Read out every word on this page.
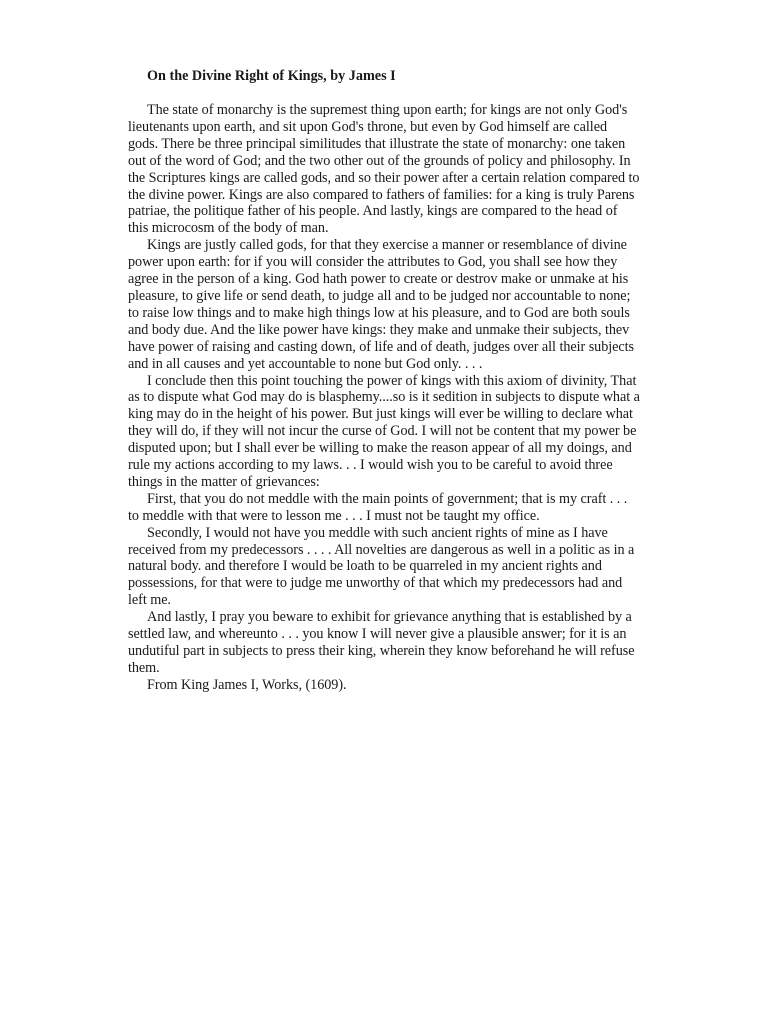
On the Divine Right of Kings, by James I

The state of monarchy is the supremest thing upon earth; for kings are not only God's lieutenants upon earth, and sit upon God's throne, but even by God himself are called gods. There be three principal similitudes that illustrate the state of monarchy: one taken out of the word of God; and the two other out of the grounds of policy and philosophy. In the Scriptures kings are called gods, and so their power after a certain relation compared to the divine power. Kings are also compared to fathers of families: for a king is truly Parens patriae, the politique father of his people. And lastly, kings are compared to the head of this microcosm of the body of man.

Kings are justly called gods, for that they exercise a manner or resemblance of divine power upon earth: for if you will consider the attributes to God, you shall see how they agree in the person of a king. God hath power to create or destrov make or unmake at his pleasure, to give life or send death, to judge all and to be judged nor accountable to none; to raise low things and to make high things low at his pleasure, and to God are both souls and body due. And the like power have kings: they make and unmake their subjects, thev have power of raising and casting down, of life and of death, judges over all their subjects and in all causes and yet accountable to none but God only. . . .

I conclude then this point touching the power of kings with this axiom of divinity, That as to dispute what God may do is blasphemy....so is it sedition in subjects to dispute what a king may do in the height of his power. But just kings will ever be willing to declare what they will do, if they will not incur the curse of God. I will not be content that my power be disputed upon; but I shall ever be willing to make the reason appear of all my doings, and rule my actions according to my laws. . . I would wish you to be careful to avoid three things in the matter of grievances:

First, that you do not meddle with the main points of government; that is my craft . . . to meddle with that were to lesson me . . . I must not be taught my office.

Secondly, I would not have you meddle with such ancient rights of mine as I have received from my predecessors . . . . All novelties are dangerous as well in a politic as in a natural body. and therefore I would be loath to be quarreled in my ancient rights and possessions, for that were to judge me unworthy of that which my predecessors had and left me.

And lastly, I pray you beware to exhibit for grievance anything that is established by a settled law, and whereunto . . . you know I will never give a plausible answer; for it is an undutiful part in subjects to press their king, wherein they know beforehand he will refuse them.

From King James I, Works, (1609).
